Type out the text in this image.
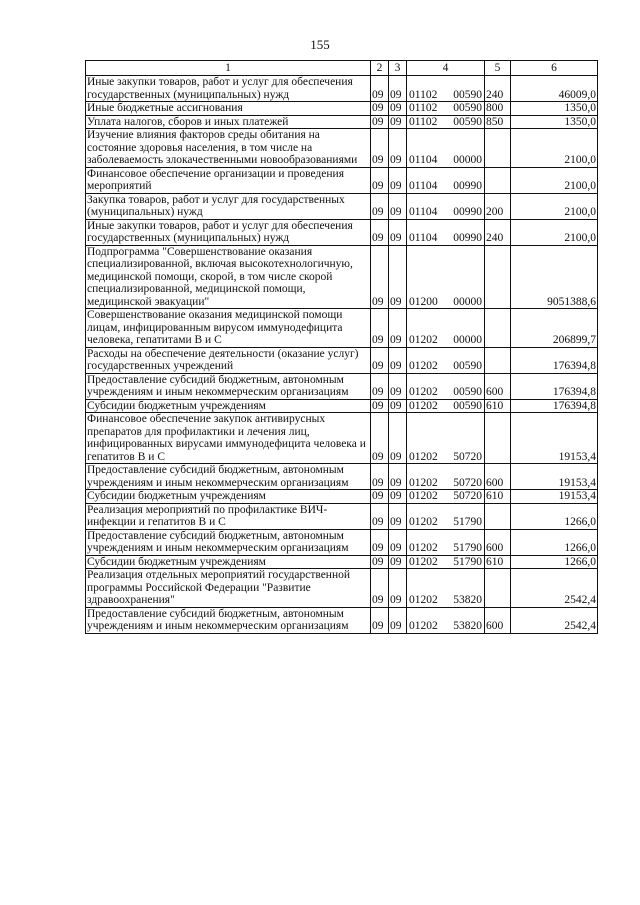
155
1	2	3	4	5	6
Иные закупки товаров, работ и услуг для обеспечения государственных (муниципальных) нужд	09	09	01102 00590	240	46009,0
Иные бюджетные ассигнования	09	09	01102 00590	800	1350,0
Уплата налогов, сборов и иных платежей	09	09	01102 00590	850	1350,0
Изучение влияния факторов среды обитания на состояние здоровья населения, в том числе на заболеваемость злокачественными новообразованиями	09	09	01104 00000		2100,0
Финансовое обеспечение организации и проведения мероприятий	09	09	01104 00990		2100,0
Закупка товаров, работ и услуг для государственных (муниципальных) нужд	09	09	01104 00990	200	2100,0
Иные закупки товаров, работ и услуг для обеспечения государственных (муниципальных) нужд	09	09	01104 00990	240	2100,0
Подпрограмма "Совершенствование оказания специализированной, включая высокотехнологичную, медицинской помощи, скорой, в том числе скорой специализированной, медицинской помощи, медицинской эвакуации"	09	09	01200 00000		9051388,6
Совершенствование оказания медицинской помощи лицам, инфицированным вирусом иммунодефицита человека, гепатитами В и С	09	09	01202 00000		206899,7
Расходы на обеспечение деятельности (оказание услуг) государственных учреждений	09	09	01202 00590		176394,8
Предоставление субсидий бюджетным, автономным учреждениям и иным некоммерческим организациям	09	09	01202 00590	600	176394,8
Субсидии бюджетным учреждениям	09	09	01202 00590	610	176394,8
Финансовое обеспечение закупок антивирусных препаратов для профилактики и лечения лиц, инфицированных вирусами иммунодефицита человека и гепатитов В и С	09	09	01202 50720		19153,4
Предоставление субсидий бюджетным, автономным учреждениям и иным некоммерческим организациям	09	09	01202 50720	600	19153,4
Субсидии бюджетным учреждениям	09	09	01202 50720	610	19153,4
Реализация мероприятий по профилактике ВИЧ-инфекции и гепатитов В и С	09	09	01202 51790		1266,0
Предоставление субсидий бюджетным, автономным учреждениям и иным некоммерческим организациям	09	09	01202 51790	600	1266,0
Субсидии бюджетным учреждениям	09	09	01202 51790	610	1266,0
Реализация отдельных мероприятий государственной программы Российской Федерации "Развитие здравоохранения"	09	09	01202 53820		2542,4
Предоставление субсидий бюджетным, автономным учреждениям и иным некоммерческим организациям	09	09	01202 53820	600	2542,4
